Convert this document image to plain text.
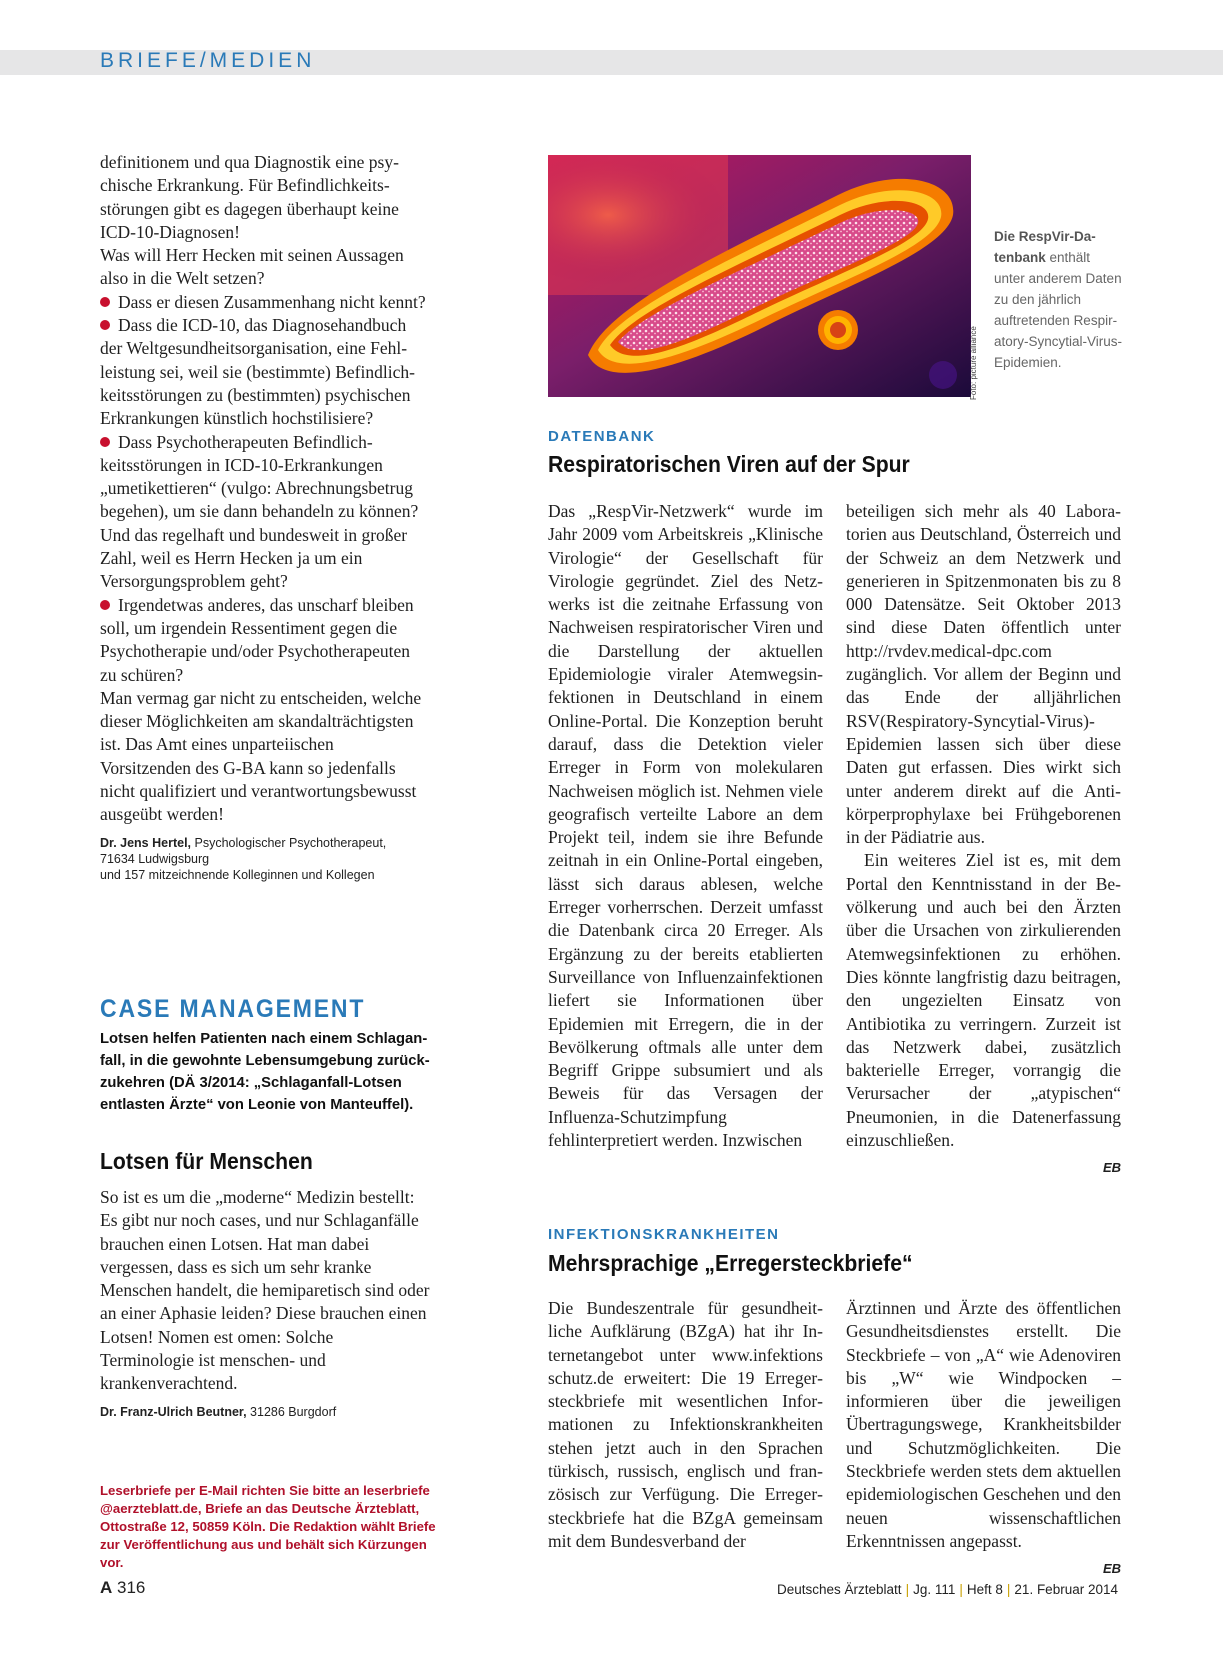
BRIEFE/MEDIEN

definitionem und qua Diagnostik eine psychische Erkrankung. Für Befindlichkeitsstörungen gibt es dagegen überhaupt keine ICD-10-Diagnosen!

Was will Herr Hecken mit seinen Aussagen also in die Welt setzen?

Dass er diesen Zusammenhang nicht kennt?

Dass die ICD-10, das Diagnosehandbuch der Weltgesundheitsorganisation, eine Fehlleistung sei, weil sie (bestimmte) Befindlichkeitsstörungen zu (bestimmten) psychischen Erkrankungen künstlich hochstilisiere?

Dass Psychotherapeuten Befindlichkeitsstörungen in ICD-10-Erkrankungen „umetikettieren“ (vulgo: Abrechnungsbetrug begehen), um sie dann behandeln zu können? Und das regelhaft und bundesweit in großer Zahl, weil es Herrn Hecken ja um ein Versorgungsproblem geht?

Irgendetwas anderes, das unscharf bleiben soll, um irgendein Ressentiment gegen die Psychotherapie und/oder Psychotherapeuten zu schüren?

Man vermag gar nicht zu entscheiden, welche dieser Möglichkeiten am skandalträchtigsten ist. Das Amt eines unparteiischen Vorsitzenden des G-BA kann so jedenfalls nicht qualifiziert und verantwortungsbewusst ausgeübt werden!

Dr. Jens Hertel, Psychologischer Psychotherapeut,
71634 Ludwigsburg
und 157 mitzeichnende Kolleginnen und Kollegen
CASE MANAGEMENT
Lotsen helfen Patienten nach einem Schlaganfall, in die gewohnte Lebensumgebung zurückzukehren (DÄ 3/2014: „Schlaganfall-Lotsen entlasten Ärzte“ von Leonie von Manteuffel).
Lotsen für Menschen

So ist es um die „moderne“ Medizin bestellt: Es gibt nur noch cases, und nur Schlaganfälle brauchen einen Lotsen. Hat man dabei vergessen, dass es sich um sehr kranke Menschen handelt, die hemiparetisch sind oder an einer Aphasie leiden? Diese brauchen einen Lotsen! Nomen est omen: Solche Terminologie ist menschen- und krankenverachtend.

Dr. Franz-Ulrich Beutner, 31286 Burgdorf
Leserbriefe per E-Mail richten Sie bitte an leserbriefe @aerzteblatt.de, Briefe an das Deutsche Ärzteblatt, Ottostraße 12, 50859 Köln. Die Redaktion wählt Briefe zur Veröffentlichung aus und behält sich Kürzungen vor.
Foto: picture alliance
Die RespVir-Datenbank enthält unter anderem Daten zu den jährlich auftretenden Respiratory-Syncytial-Virus-Epidemien.
DATENBANK
Respiratorischen Viren auf der Spur

Das „RespVir-Netzwerk“ wurde im Jahr 2009 vom Arbeitskreis „Klinische Virologie“ der Gesellschaft für Virologie gegründet. Ziel des Netzwerks ist die zeitnahe Erfassung von Nachweisen respiratorischer Viren und die Darstellung der aktuellen Epidemiologie viraler Atemwegsinfektionen in Deutschland in einem Online-Portal. Die Konzeption beruht darauf, dass die Detektion vieler Erreger in Form von molekularen Nachweisen möglich ist. Nehmen viele geografisch verteilte Labore an dem Projekt teil, indem sie ihre Befunde zeitnah in ein Online-Portal eingeben, lässt sich daraus ablesen, welche Erreger vorherrschen. Derzeit umfasst die Datenbank circa 20 Erreger. Als Ergänzung zu der bereits etablierten Surveillance von Influenzainfektionen liefert sie Informationen über Epidemien mit Erregern, die in der Bevölkerung oftmals alle unter dem Begriff Grippe subsumiert und als Beweis für das Versagen der Influenza-Schutzimpfung fehlinterpretiert werden. Inzwischen

beteiligen sich mehr als 40 Laboratorien aus Deutschland, Österreich und der Schweiz an dem Netzwerk und generieren in Spitzenmonaten bis zu 8 000 Datensätze. Seit Oktober 2013 sind diese Daten öffentlich unter http://rvdev.medical-dpc.com zugänglich. Vor allem der Beginn und das Ende der alljährlichen RSV(Respiratory-Syncytial-Virus)-Epidemien lassen sich über diese Daten gut erfassen. Dies wirkt sich unter anderem direkt auf die Antikörperprophylaxe bei Frühgeborenen in der Pädiatrie aus.

Ein weiteres Ziel ist es, mit dem Portal den Kenntnisstand in der Bevölkerung und auch bei den Ärzten über die Ursachen von zirkulierenden Atemwegsinfektionen zu erhöhen. Dies könnte langfristig dazu beitragen, den ungezielten Einsatz von Antibiotika zu verringern. Zurzeit ist das Netzwerk dabei, zusätzlich bakterielle Erreger, vorrangig die Verursacher der „atypischen“ Pneumonien, in die Datenerfassung einzuschließen.

EB
INFEKTIONSKRANKHEITEN
Mehrsprachige „Erregersteckbriefe“

Die Bundeszentrale für gesundheitliche Aufklärung (BZgA) hat ihr Internetangebot unter www.infektions schutz.de erweitert: Die 19 Erregersteckbriefe mit wesentlichen Informationen zu Infektionskrankheiten stehen jetzt auch in den Sprachen türkisch, russisch, englisch und französisch zur Verfügung. Die Erregersteckbriefe hat die BZgA gemeinsam mit dem Bundesverband der

Ärztinnen und Ärzte des öffentlichen Gesundheitsdienstes erstellt. Die Steckbriefe – von „A“ wie Adenoviren bis „W“ wie Windpocken – informieren über die jeweiligen Übertragungswege, Krankheitsbilder und Schutzmöglichkeiten. Die Steckbriefe werden stets dem aktuellen epidemiologischen Geschehen und den neuen wissenschaftlichen Erkenntnissen angepasst.

EB
A 316	Deutsches Ärzteblatt | Jg. 111 | Heft 8 | 21. Februar 2014
